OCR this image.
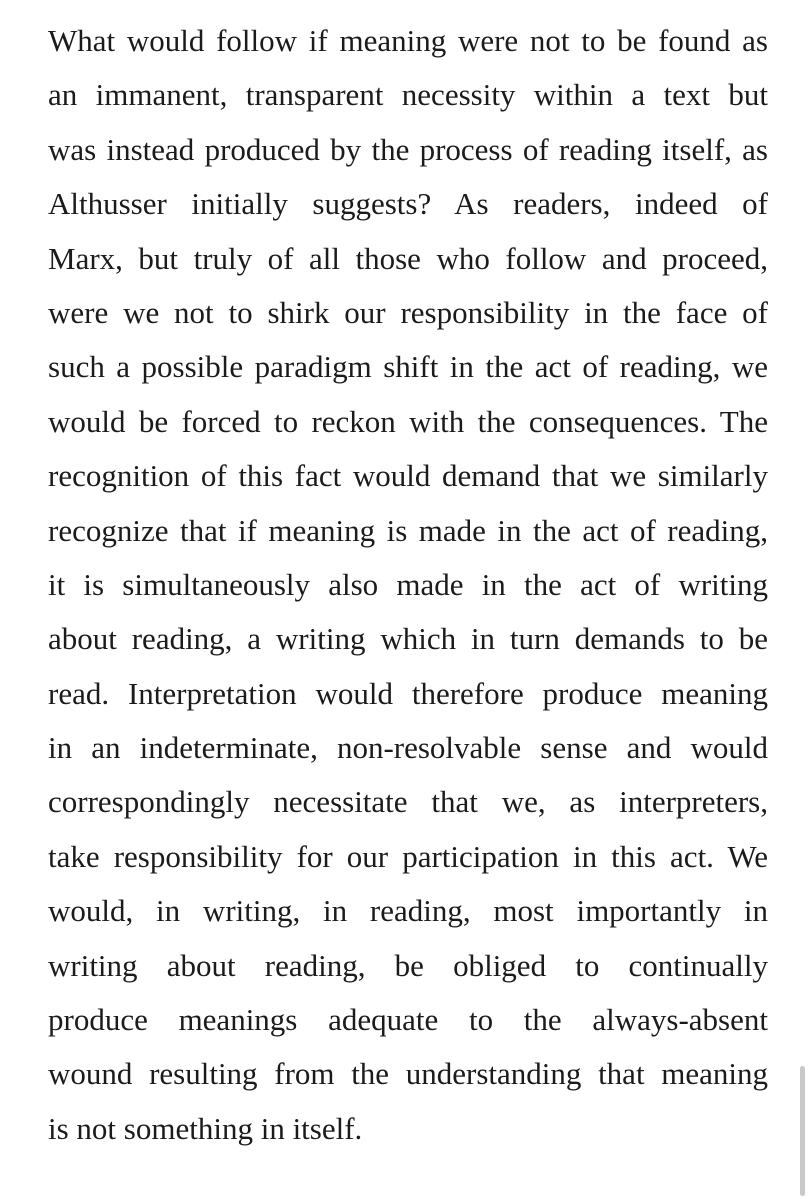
What would follow if meaning were not to be found as
an immanent, transparent necessity within a text but
was instead produced by the process of reading itself, as
Althusser initially suggests? As readers, indeed of
Marx, but truly of all those who follow and proceed,
were we not to shirk our responsibility in the face of
such a possible paradigm shift in the act of reading, we
would be forced to reckon with the consequences. The
recognition of this fact would demand that we similarly
recognize that if meaning is made in the act of reading,
it is simultaneously also made in the act of writing
about reading, a writing which in turn demands to be
read. Interpretation would therefore produce meaning
in an indeterminate, non-resolvable sense and would
correspondingly necessitate that we, as interpreters,
take responsibility for our participation in this act. We
would, in writing, in reading, most importantly in
writing about reading, be obliged to continually
produce meanings adequate to the always-absent
wound resulting from the understanding that meaning
is not something in itself.
